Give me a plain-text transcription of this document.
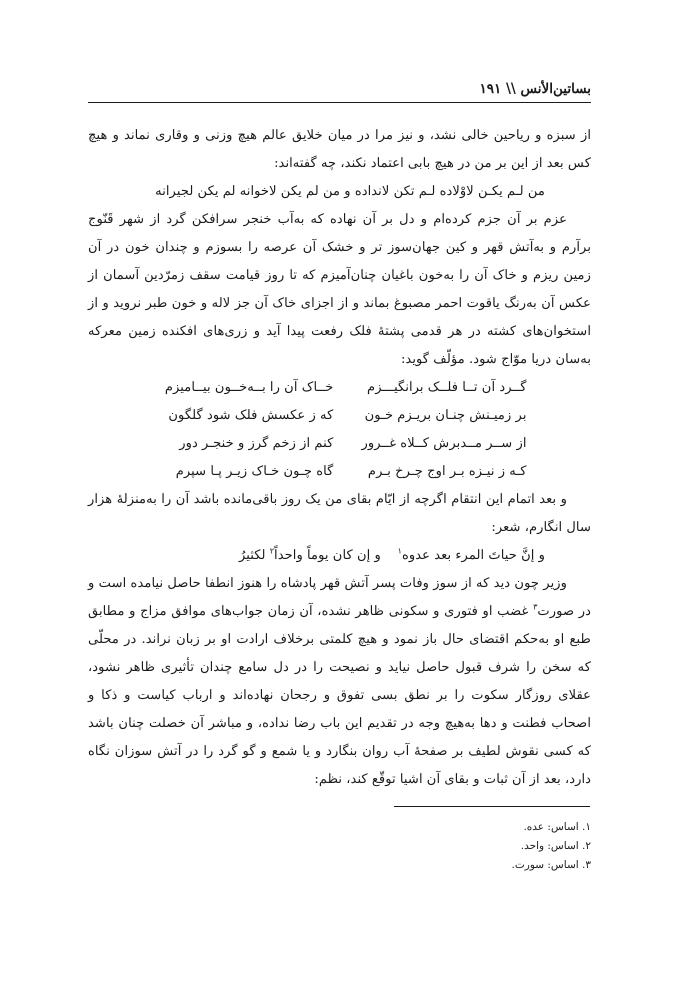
بساتین‌الأنس \\ ۱۹۱

از سبزه و ریاحین خالی نشد، و نیز مرا در میان خلایق عالم هیچ وزنی و وقاری نماند و هیچ کس بعد از این بر من در هیچ بابی اعتماد نکند، چه گفته‌اند:

من لـم یکـن لاوْلاده لـم تکن لانداده و من لم یکن لاخوانه لم یکن لجیرانه

عزم بر آن جزم کرده‌ام و دل بر آن نهاده که به‌آب خنجر سرافکن گرد از شهر قَنّوج برآرم و به‌آتش قهر و کین جهان‌سوز تر و خشک آن عرصه را بسوزم و چندان خون در آن زمین ریزم و خاک آن را به‌خون باغیان چنان‌آمیزم که تا روز قیامت سقف زمرّدین آسمان از عکس آن به‌رنگ یاقوت احمر مصبوغ بماند و از اجزای خاک آن جز لاله و خون طبر نروید و از استخوان‌های کشته در هر قدمی پشتهٔ فلک رفعت پیدا آید و زری‌های افکنده زمین معرکه به‌سان دریا موّاج شود. مؤلّف گوید:

گــرد آن تــا فلــک برانگیـــزم	خــاک آن را بــه‌خــون بیــامیزم
بر زمیـنش چنـان بریـزم خـون	که ز عکسش فلک شود گلگون
از ســر مــدبرش کــلاه غــرور	کنم از زخم گرز و خنجـر دور
کـه ز نیـزه بـر اوج چـرخ بـرم	گاه چـون خـاک زیـر پـا سپرم

و بعد اتمام این انتقام اگرچه از ایّام بقای من یک روز باقی‌مانده باشد آن را به‌منزلهٔ هزار سال انگارم، شعر:

و إنَّ حیاتَ المرء بعد عدوه$^۱$    و إن کان یوماً واحداً$^۲$ لکثیرُ

وزیر چون دید که از سوز وفات پسر آتش قهر پادشاه را هنوز انطفا حاصل نیامده است و در صورت$^۳$ غضب او فتوری و سکونی ظاهر نشده، آن زمان جواب‌های موافق مزاج و مطابق طبع او به‌حکم اقتضای حال باز نمود و هیچ کلمتی برخلاف ارادت او بر زبان نراند. در محلّی که سخن را شرف قبول حاصل نیاید و نصیحت را در دل سامع چندان تأثیری ظاهر نشود، عقلای روزگار سکوت را بر نطق بسی تفوق و رجحان نهاده‌اند و ارباب کیاست و ذکا و اصحاب فطنت و دها به‌هیچ وجه در تقدیم این باب رضا نداده، و مباشر آن خصلت چنان باشد که کسی نقوش لطیف بر صفحهٔ آب روان بنگارد و یا شمع و گو گرد را در آتش سوزان نگاه دارد، بعد از آن ثبات و بقای آن اشیا توقّع کند، نظم:

۱. اساس: عده.

۲. اساس: واحد.

۳. اساس: سورت.
